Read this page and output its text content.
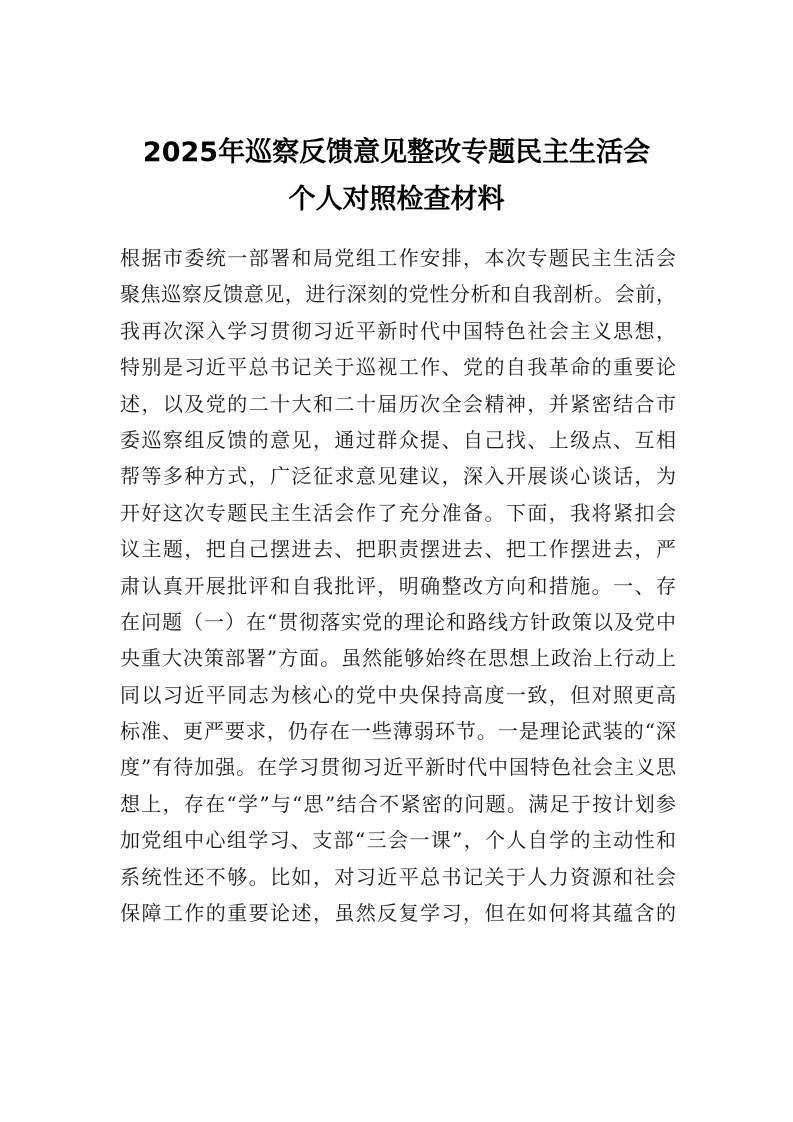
2025年巡察反馈意见整改专题民主生活会
个人对照检查材料
根据市委统一部署和局党组工作安排，本次专题民主生活会
聚焦巡察反馈意见，进行深刻的党性分析和自我剖析。会前，
我再次深入学习贯彻习近平新时代中国特色社会主义思想，
特别是习近平总书记关于巡视工作、党的自我革命的重要论
述，以及党的二十大和二十届历次全会精神，并紧密结合市
委巡察组反馈的意见，通过群众提、自己找、上级点、互相
帮等多种方式，广泛征求意见建议，深入开展谈心谈话，为
开好这次专题民主生活会作了充分准备。下面，我将紧扣会
议主题，把自己摆进去、把职责摆进去、把工作摆进去，严
肃认真开展批评和自我批评，明确整改方向和措施。一、存
在问题（一）在“贯彻落实党的理论和路线方针政策以及党中
央重大决策部署”方面。虽然能够始终在思想上政治上行动上
同以习近平同志为核心的党中央保持高度一致，但对照更高
标准、更严要求，仍存在一些薄弱环节。一是理论武装的“深
度”有待加强。在学习贯彻习近平新时代中国特色社会主义思
想上，存在“学”与“思”结合不紧密的问题。满足于按计划参
加党组中心组学习、支部“三会一课”，个人自学的主动性和
系统性还不够。比如，对习近平总书记关于人力资源和社会
保障工作的重要论述，虽然反复学习，但在如何将其蕴含的
